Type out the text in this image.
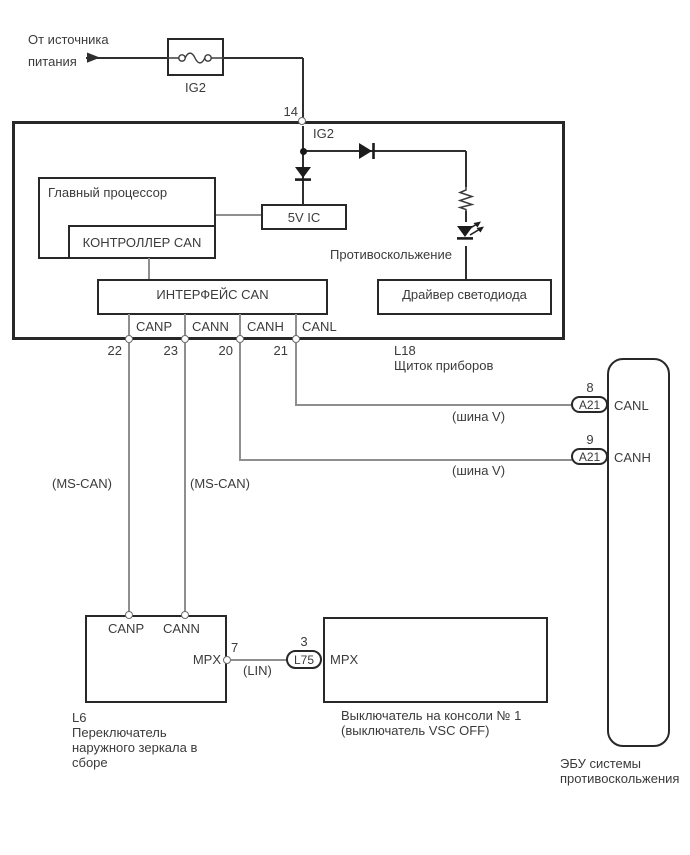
От источника
питания
IG2
14
IG2
Главный процессор
КОНТРОЛЛЕР CAN
5V IC
ИНТЕРФЕЙС CAN
Противоскольжение
Драйвер светодиода
CANP CANN CANH CANL
22	23	20	21	L18
Щиток приборов
(MS-CAN)	(MS-CAN)
(шина V)
(шина V)
8
A21 CANL
9
A21 CANH
ЭБУ системы
противоскольжения
CANP CANN
MPX
7
(LIN)
3
L75 MPX
Выключатель на консоли № 1
(выключатель VSC OFF)
L6
Переключатель
наружного зеркала в
сборе
